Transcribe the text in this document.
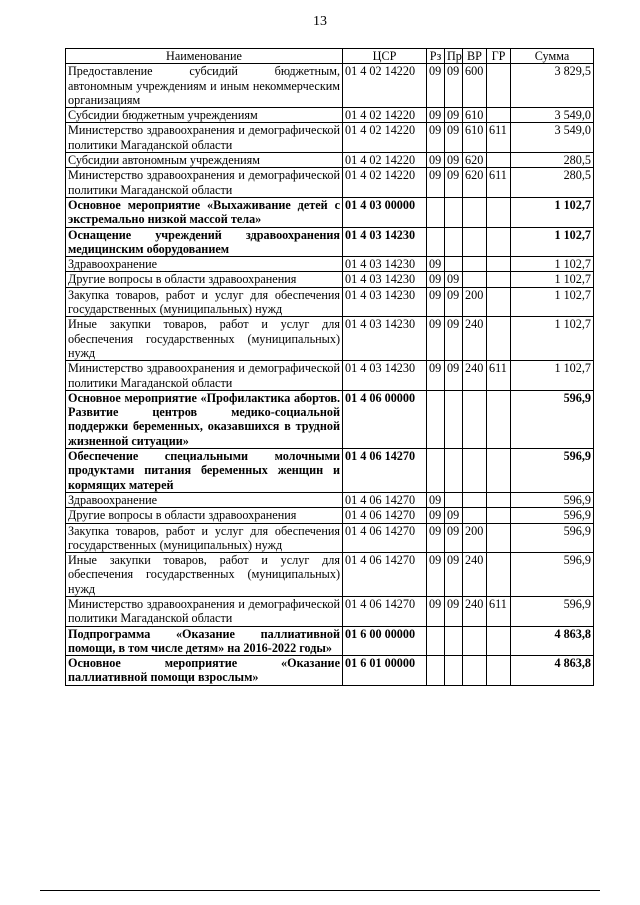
13
Наименование	ЦСР	Рз	Пр	ВР	ГР	Сумма
Предоставление субсидий бюджетным, автономным учреждениям и иным некоммерческим организациям	01 4 02 14220	09	09	600		3 829,5
Субсидии бюджетным учреждениям	01 4 02 14220	09	09	610		3 549,0
Министерство здравоохранения и демографической политики Магаданской области	01 4 02 14220	09	09	610	611	3 549,0
Субсидии автономным учреждениям	01 4 02 14220	09	09	620		280,5
Министерство здравоохранения и демографической политики Магаданской области	01 4 02 14220	09	09	620	611	280,5
Основное мероприятие «Выхаживание детей с экстремально низкой массой тела»	01 4 03 00000					1 102,7
Оснащение учреждений здравоохранения медицинским оборудованием	01 4 03 14230					1 102,7
Здравоохранение	01 4 03 14230	09				1 102,7
Другие вопросы в области здравоохранения	01 4 03 14230	09	09			1 102,7
Закупка товаров, работ и услуг для обеспечения государственных (муниципальных) нужд	01 4 03 14230	09	09	200		1 102,7
Иные закупки товаров, работ и услуг для обеспечения государственных (муниципальных) нужд	01 4 03 14230	09	09	240		1 102,7
Министерство здравоохранения и демографической политики Магаданской области	01 4 03 14230	09	09	240	611	1 102,7
Основное мероприятие «Профилактика абортов. Развитие центров медико-социальной поддержки беременных, оказавшихся в трудной жизненной ситуации»	01 4 06 00000					596,9
Обеспечение специальными молочными продуктами питания беременных женщин и кормящих матерей	01 4 06 14270					596,9
Здравоохранение	01 4 06 14270	09				596,9
Другие вопросы в области здравоохранения	01 4 06 14270	09	09			596,9
Закупка товаров, работ и услуг для обеспечения государственных (муниципальных) нужд	01 4 06 14270	09	09	200		596,9
Иные закупки товаров, работ и услуг для обеспечения государственных (муниципальных) нужд	01 4 06 14270	09	09	240		596,9
Министерство здравоохранения и демографической политики Магаданской области	01 4 06 14270	09	09	240	611	596,9
Подпрограмма «Оказание паллиативной помощи, в том числе детям» на 2016-2022 годы»	01 6 00 00000					4 863,8
Основное мероприятие «Оказание паллиативной помощи взрослым»	01 6 01 00000					4 863,8
